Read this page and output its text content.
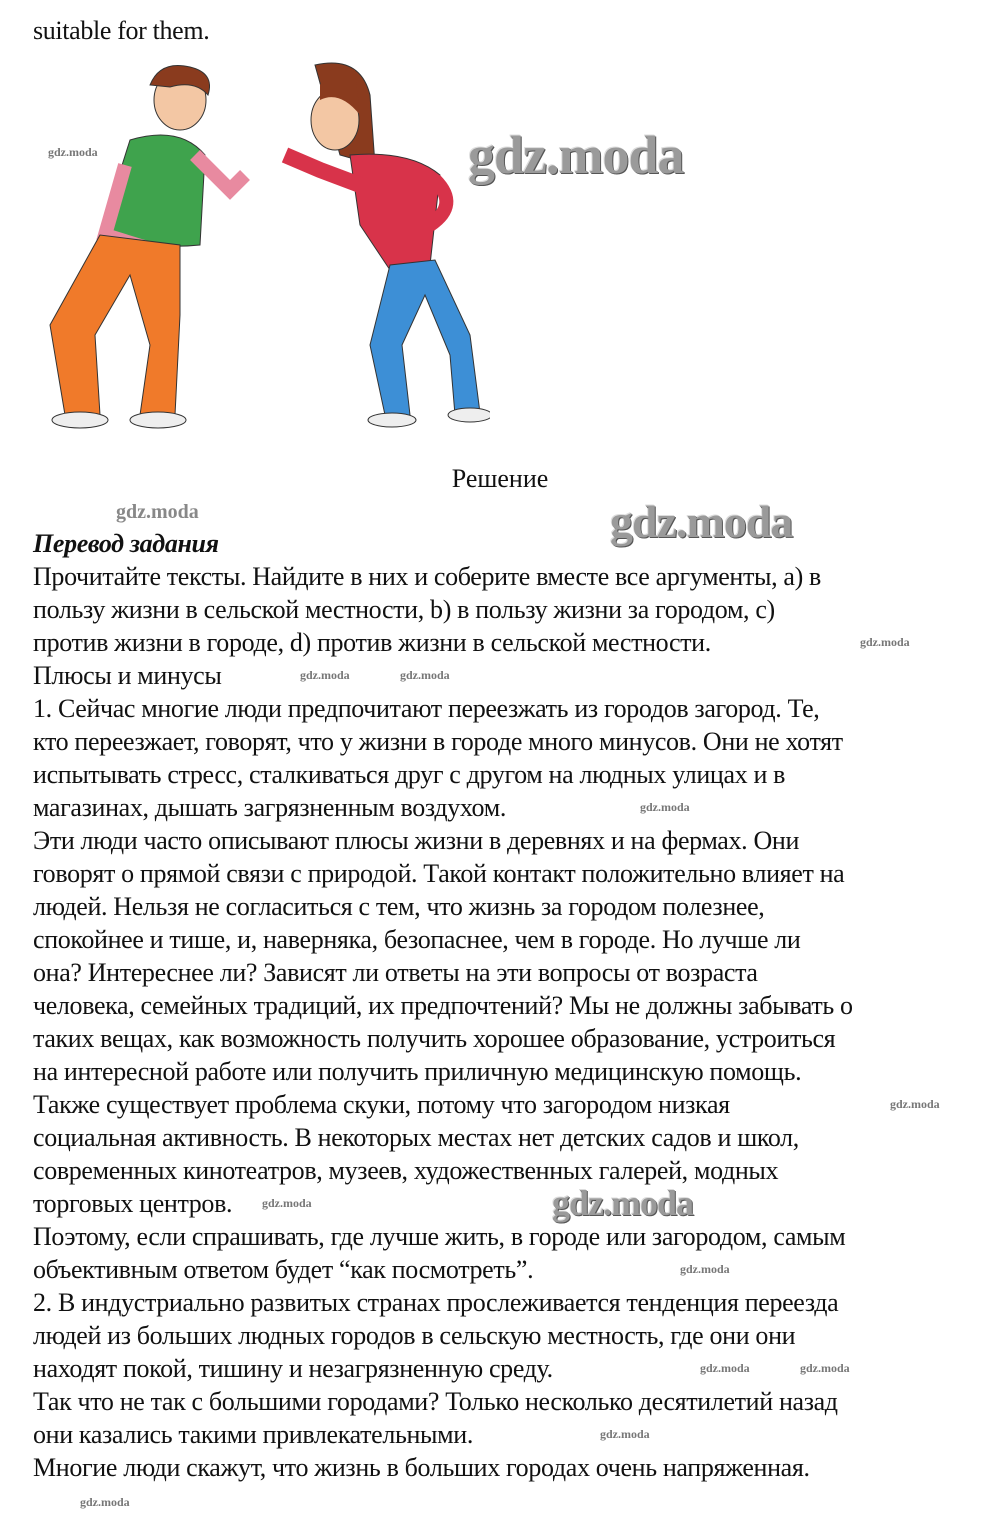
suitable for them.
gdz.moda	gdz.moda
Решение
gdz.moda	gdz.moda
Перевод задания
Прочитайте тексты. Найдите в них и соберите вместе все аргументы, a) в
пользу жизни в сельской местности, b) в пользу жизни за городом, c)
против жизни в городе, d) против жизни в сельской местности.
Плюсы и минусы
1. Сейчас многие люди предпочитают переезжать из городов загород. Те,
кто переезжает, говорят, что у жизни в городе много минусов. Они не хотят
испытывать стресс, сталкиваться друг с другом на людных улицах и в
магазинах, дышать загрязненным воздухом.
Эти люди часто описывают плюсы жизни в деревнях и на фермах. Они
говорят о прямой связи с природой. Такой контакт положительно влияет на
людей. Нельзя не согласиться с тем, что жизнь за городом полезнее,
спокойнее и тише, и, наверняка, безопаснее, чем в городе. Но лучше ли
она? Интереснее ли? Зависят ли ответы на эти вопросы от возраста
человека, семейных традиций, их предпочтений? Мы не должны забывать о
таких вещах, как возможность получить хорошее образование, устроиться
на интересной работе или получить приличную медицинскую помощь.
Также существует проблема скуки, потому что загородом низкая
социальная активность. В некоторых местах нет детских садов и школ,
современных кинотеатров, музеев, художественных галерей, модных
торговых центров.
Поэтому, если спрашивать, где лучше жить, в городе или загородом, самым
объективным ответом будет “как посмотреть”.
2. В индустриально развитых странах прослеживается тенденция переезда
людей из больших людных городов в сельскую местность, где они они
находят покой, тишину и незагрязненную среду.
Так что не так с большими городами? Только несколько десятилетий назад
они казались такими привлекательными.
Многие люди скажут, что жизнь в больших городах очень напряженная.
gdz.moda
gdz.moda	gdz.moda
gdz.moda
gdz.moda
gdz.moda	gdz.moda
gdz.moda
gdz.moda	gdz.moda
gdz.moda
gdz.moda
